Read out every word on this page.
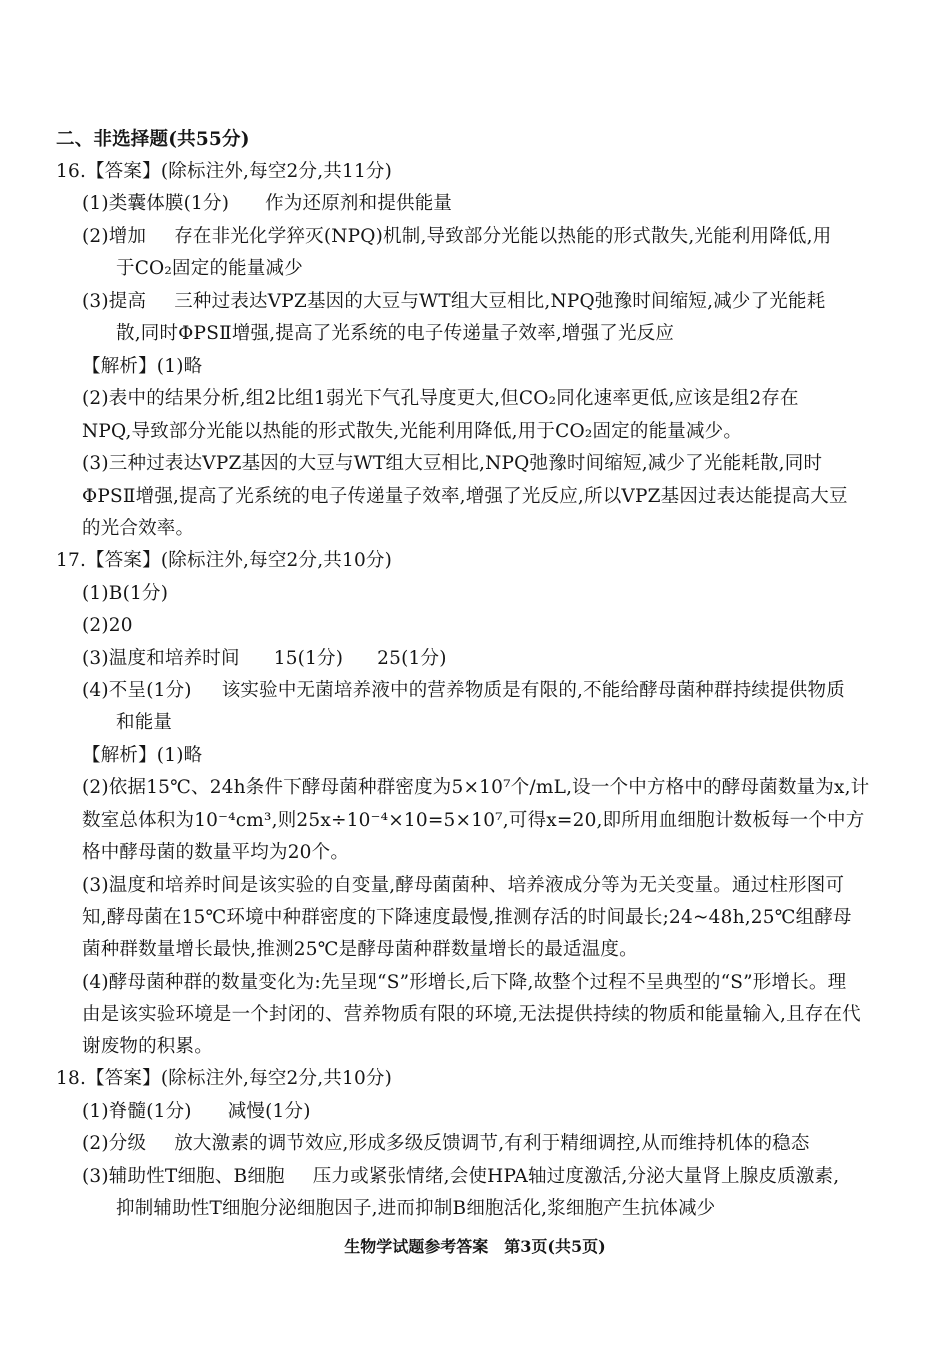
二、非选择题(共55分)
16.【答案】(除标注外,每空2分,共11分)
(1)类囊体膜(1分) 作为还原剂和提供能量
(2)增加 存在非光化学猝灭(NPQ)机制,导致部分光能以热能的形式散失,光能利用降低,用
于CO₂固定的能量减少
(3)提高 三种过表达VPZ基因的大豆与WT组大豆相比,NPQ弛豫时间缩短,减少了光能耗
散,同时ΦPSⅡ增强,提高了光系统的电子传递量子效率,增强了光反应
【解析】(1)略
(2)表中的结果分析,组2比组1弱光下气孔导度更大,但CO₂同化速率更低,应该是组2存在
NPQ,导致部分光能以热能的形式散失,光能利用降低,用于CO₂固定的能量减少。
(3)三种过表达VPZ基因的大豆与WT组大豆相比,NPQ弛豫时间缩短,减少了光能耗散,同时
ΦPSⅡ增强,提高了光系统的电子传递量子效率,增强了光反应,所以VPZ基因过表达能提高大豆
的光合效率。
17.【答案】(除标注外,每空2分,共10分)
(1)B(1分)
(2)20
(3)温度和培养时间 15(1分) 25(1分)
(4)不呈(1分) 该实验中无菌培养液中的营养物质是有限的,不能给酵母菌种群持续提供物质
和能量
【解析】(1)略
(2)依据15℃、24h条件下酵母菌种群密度为5×10⁷个/mL,设一个中方格中的酵母菌数量为x,计
数室总体积为10⁻⁴cm³,则25x÷10⁻⁴×10=5×10⁷,可得x=20,即所用血细胞计数板每一个中方
格中酵母菌的数量平均为20个。
(3)温度和培养时间是该实验的自变量,酵母菌菌种、培养液成分等为无关变量。通过柱形图可
知,酵母菌在15℃环境中种群密度的下降速度最慢,推测存活的时间最长;24~48h,25℃组酵母
菌种群数量增长最快,推测25℃是酵母菌种群数量增长的最适温度。
(4)酵母菌种群的数量变化为:先呈现“S”形增长,后下降,故整个过程不呈典型的“S”形增长。理
由是该实验环境是一个封闭的、营养物质有限的环境,无法提供持续的物质和能量输入,且存在代
谢废物的积累。
18.【答案】(除标注外,每空2分,共10分)
(1)脊髓(1分) 减慢(1分)
(2)分级 放大激素的调节效应,形成多级反馈调节,有利于精细调控,从而维持机体的稳态
(3)辅助性T细胞、B细胞 压力或紧张情绪,会使HPA轴过度激活,分泌大量肾上腺皮质激素,
抑制辅助性T细胞分泌细胞因子,进而抑制B细胞活化,浆细胞产生抗体减少
生物学试题参考答案　第3页(共5页)
